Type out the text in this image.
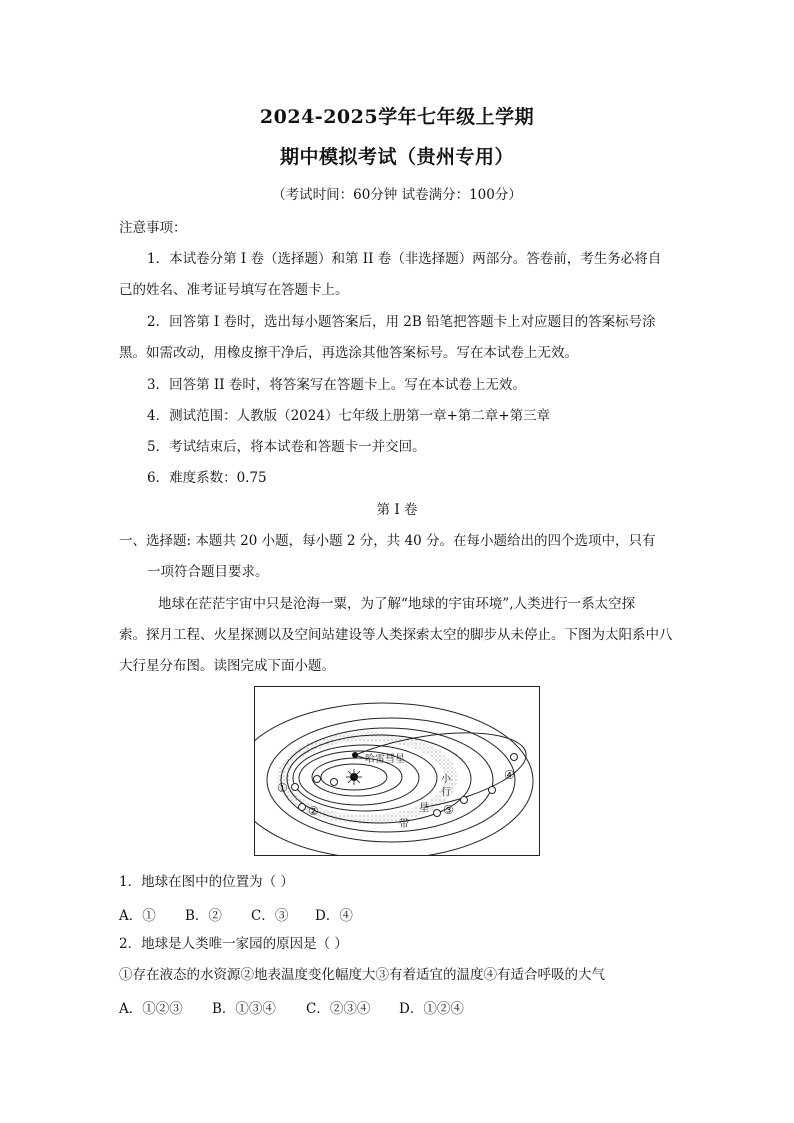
2024-2025学年七年级上学期
期中模拟考试（贵州专用）
（考试时间：60分钟 试卷满分：100分）
注意事项：
1．本试卷分第 I 卷（选择题）和第 II 卷（非选择题）两部分。答卷前，考生务必将自
己的姓名、准考证号填写在答题卡上。
2．回答第 I 卷时，选出每小题答案后，用 2B 铅笔把答题卡上对应题目的答案标号涂
黑。如需改动，用橡皮擦干净后，再选涂其他答案标号。写在本试卷上无效。
3．回答第 II 卷时，将答案写在答题卡上。写在本试卷上无效。
4．测试范围：人教版（2024）七年级上册第一章+第二章+第三章
5．考试结束后，将本试卷和答题卡一并交回。
6．难度系数：0.75
第 I 卷
一、选择题: 本题共 20 小题，每小题 2 分，共 40 分。在每小题给出的四个选项中，只有
一项符合题目要求。
地球在茫茫宇宙中只是沧海一粟，为了解“地球的宇宙环境”,人类进行一系太空探
索。探月工程、火星探测以及空间站建设等人类探索太空的脚步从未停止。下图为太阳系中八
大行星分布图。读图完成下面小题。
哈雷彗星
小
行
星
带
①
②	③
④
1．地球在图中的位置为（ ）
A．① B．② C．③ D．④
2．地球是人类唯一家园的原因是（ ）
①存在液态的水资源②地表温度变化幅度大③有着适宜的温度④有适合呼吸的大气
A．①②③ B．①③④ C．②③④ D．①②④
